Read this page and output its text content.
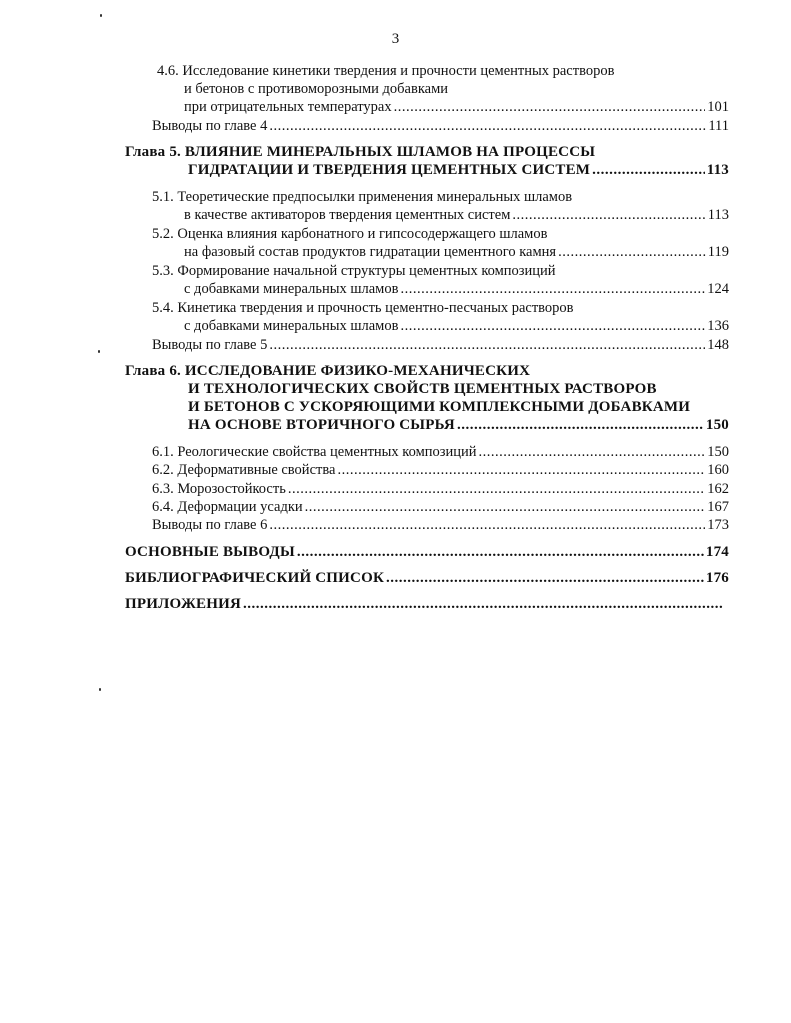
3
4.6. Исследование кинетики твердения и прочности цементных растворов
и бетонов с противоморозными добавками
при отрицательных температурах .....	101
Выводы по главе 4 .....	111
Глава 5. ВЛИЯНИЕ МИНЕРАЛЬНЫХ ШЛАМОВ НА ПРОЦЕССЫ
ГИДРАТАЦИИ И ТВЕРДЕНИЯ ЦЕМЕНТНЫХ СИСТЕМ .....	113
5.1. Теоретические предпосылки применения минеральных шламов
в качестве активаторов твердения цементных систем .....	113
5.2. Оценка влияния карбонатного и гипсосодержащего шламов
на фазовый состав продуктов гидратации цементного камня .....	119
5.3. Формирование начальной структуры цементных композиций
с добавками минеральных шламов .....	124
5.4. Кинетика твердения и прочность цементно-песчаных растворов
с добавками минеральных шламов .....	136
Выводы по главе 5 .....	148
Глава 6. ИССЛЕДОВАНИЕ ФИЗИКО-МЕХАНИЧЕСКИХ
И ТЕХНОЛОГИЧЕСКИХ СВОЙСТВ ЦЕМЕНТНЫХ РАСТВОРОВ
И БЕТОНОВ С УСКОРЯЮЩИМИ КОМПЛЕКСНЫМИ ДОБАВКАМИ
НА ОСНОВЕ ВТОРИЧНОГО СЫРЬЯ .....	150
6.1. Реологические свойства цементных композиций .....	150
6.2. Деформативные свойства .....	160
6.3. Морозостойкость .....	162
6.4. Деформации усадки .....	167
Выводы по главе 6 .....	173
ОСНОВНЫЕ ВЫВОДЫ .....	174
БИБЛИОГРАФИЧЕСКИЙ СПИСОК .....	176
ПРИЛОЖЕНИЯ
.....
